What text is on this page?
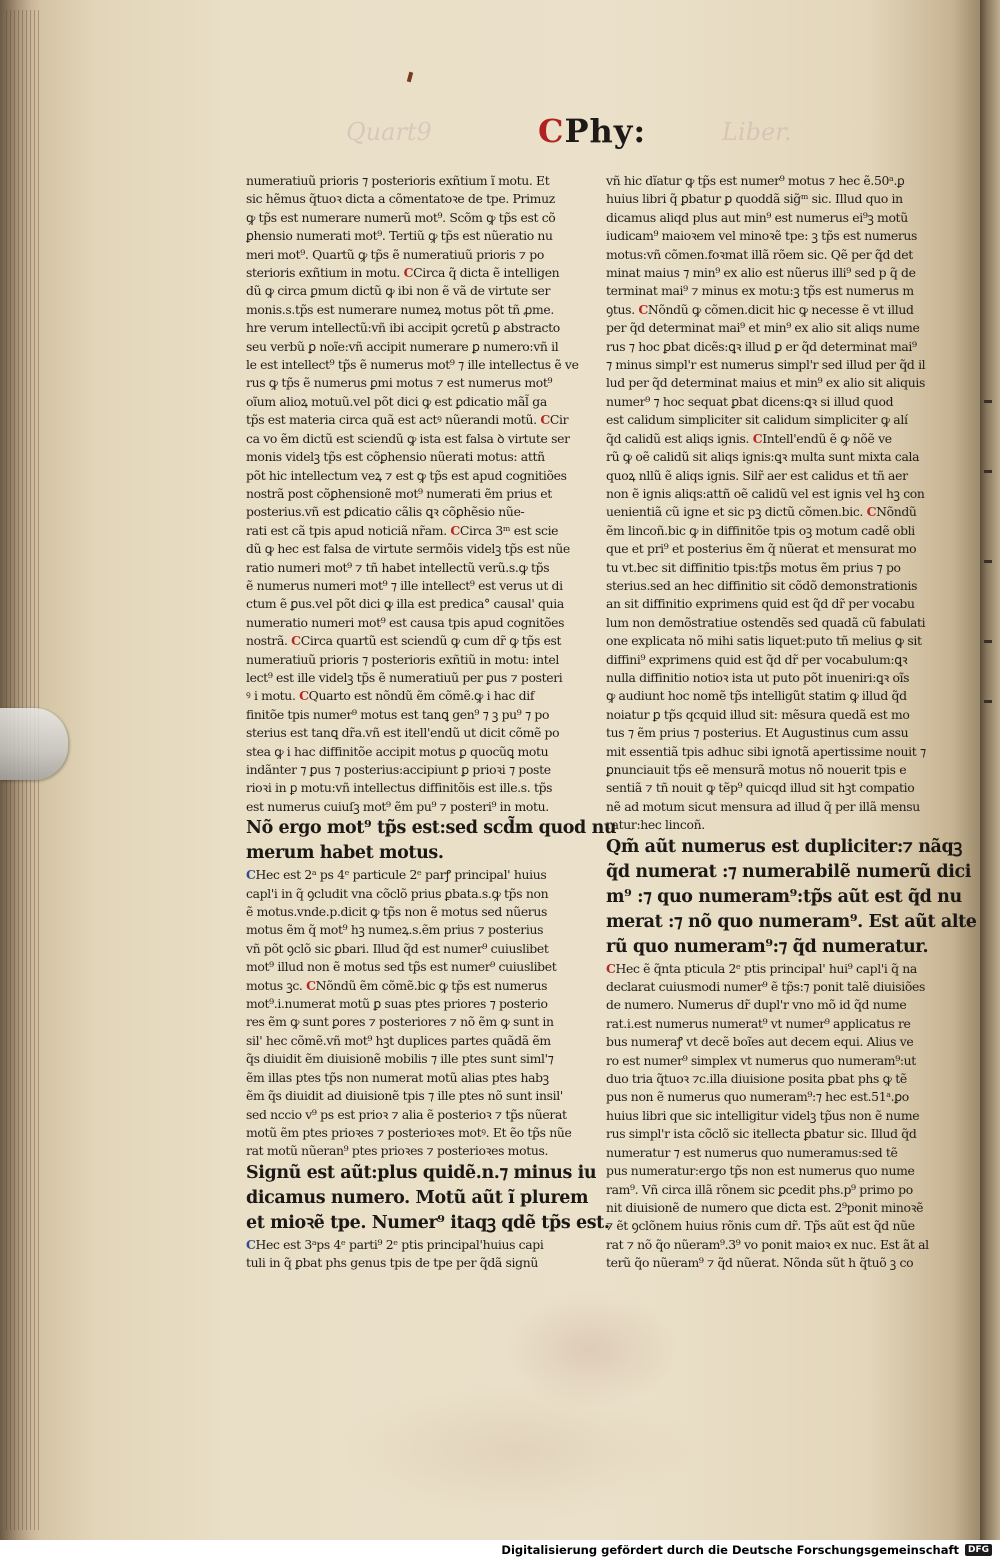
Quart9	Liber.
CPhy:
numeratiuũ prioris ⁊ posterioris exñtium ĩ motu. Et
sic hẽmus q̃tuoꝛ dicta a cõmentatoꝛe de tpe. Primuz
ꝙ tp̃s est numerare numerũ mot⁹. Scõm ꝙ tp̃s est cõ
ꝑhensio numerati mot⁹. Tertiũ ꝙ tp̃s est nũeratio nu
meri mot⁹. Quartũ ꝙ tp̃s ẽ numeratiuũ prioris ⁊ po
sterioris exñtium in motu. CCirca q̃ dicta ẽ intelligen
dũ ꝙ circa ꝑmum dictũ ꝙ ibi non ẽ vã de virtute ser
monis.s.tp̃s est numerare numeꝝ motus põt tñ ꝓme.
hre verum intellectũ:vñ ibi accipit ꝯcretũ ꝑ abstracto
seu verbũ ꝑ noĩe:vñ accipit numerare ꝑ numero:vñ il
le est intellect⁹ tp̃s ẽ numerus mot⁹ ⁊ ille intellectus ẽ ve
rus ꝙ tp̃s ẽ numerus ꝑmi motus ⁊ est numerus mot⁹
oĩum alioꝝ motuũ.vel põt dici ꝙ est ꝑdicatio mãl̃ ga
tp̃s est materia circa quã est actꝰ nũerandi motũ. CCir
ca vo ẽm dictũ est sciendũ ꝙ ista est falsa ꝺ virtute ser
monis videlꝫ tp̃s est cõꝑhensio nũerati motus: attñ
põt hic intellectum veꝝ ⁊ est ꝙ tp̃s est apud cognitiões
nostrã post cõꝑhensionẽ mot⁹ numerati ẽm prius et
posterius.vñ est ꝑdicatio cãlis ꝗꝛ cõꝑhẽsio nũe-
rati est cã tpis apud noticiã nr̃am. CCirca 3ᵐ est scie
dũ ꝙ hec est falsa de virtute sermõis videlꝫ tp̃s est nũe
ratio numeri mot⁹ ⁊ tñ habet intellectũ verũ.s.ꝙ tp̃s
ẽ numerus numeri mot⁹ ⁊ ille intellect⁹ est verus ut di
ctum ẽ ꝑus.vel põt dici ꝙ illa est predica° causal' quia
numeratio numeri mot⁹ est causa tpis apud cognitões
nostrã. CCirca quartũ est sciendũ ꝙ cum dr̃ ꝙ tp̃s est
numeratiuũ prioris ⁊ posterioris exñtiũ in motu: intel
lect⁹ est ille videlꝫ tp̃s ẽ numeratiuũ per ꝑus ⁊ posteri
ꝰ i motu. CQuarto est nõndũ ẽm cõmẽ.ꝙ i hac dif
finitõe tpis numer⁹ motus est tanꝗ gen⁹ ⁊ ꝫ pu⁹ ⁊ po
sterius est tanꝗ dr̃a.vñ est itell'endũ ut dicit cõmẽ po
stea ꝙ i hac diffinitõe accipit motus ꝑ quocũꝗ motu
indãnter ⁊ ꝑus ⁊ posterius:accipiunt ꝑ prioꝛi ⁊ poste
rioꝛi in ꝑ motu:vñ intellectus diffinitõis est ille.s. tp̃s
est numerus cuiuſꝫ mot⁹ ẽm pu⁹ ⁊ posteri⁹ in motu.
Nõ ergo mot⁹ tp̃s est:sed scd̃m quod nu
merum habet motus.
CHec est 2ᵃ ps 4ᵉ particule 2ᵉ parꝭ principal' huius
capl'i in q̃ ꝯcludit vna cõclõ prius ꝑbata.s.ꝙ tp̃s non
ẽ motus.vnde.p.dicit ꝙ tp̃s non ẽ motus sed nũerus
motus ẽm q̃ mot⁹ hꝫ numeꝝ.s.ẽm prius ⁊ posterius
vñ põt ꝯclõ sic ꝑbari. Illud q̃d est numer⁹ cuiuslibet
mot⁹ illud non ẽ motus sed tp̃s est numer⁹ cuiuslibet
motus ꝫc. CNõndũ ẽm cõmẽ.bic ꝙ tp̃s est numerus
mot⁹.i.numerat motũ ꝑ suas ptes priores ⁊ posterio
res ẽm ꝙ sunt ꝑores ⁊ posteriores ⁊ nõ ẽm ꝙ sunt in
sil' hec cõmẽ.vñ mot⁹ hꝫt duplices partes quãdã ẽm
q̃s diuidit ẽm diuisionẽ mobilis ⁊ ille ptes sunt siml'⁊
ẽm illas ptes tp̃s non numerat motũ alias ptes habꝫ
ẽm q̃s diuidit ad diuisionẽ tpis ⁊ ille ptes nõ sunt insil'
sed nccio v⁹ ps est prioꝛ ⁊ alia ẽ posterioꝛ ⁊ tp̃s nũerat
motũ ẽm ptes prioꝛes ⁊ posterioꝛes motꝰ. Et ẽo tp̃s nũe
rat motũ nũeran⁹ ptes prioꝛes ⁊ posterioꝛes motus.
Signũ est aũt:plus quidẽ.n.⁊ minus iu
dicamus numero. Motũ aũt ĩ plurem
et mioꝛẽ tpe. Numer⁹ itaqꝫ qdẽ tp̃s est.
CHec est 3ᵃps 4ᵉ parti⁹ 2ᵉ ptis principal'huius capi
tuli in q̃ ꝑbat phs genus tpis de tpe per q̃dã signũ
vñ hic dĩatur ꝙ tp̃s est numer⁹ motus ⁊ hec ẽ.50ᵃ.ꝑ
huius libri q̃ ꝑbatur ꝑ quoddã sig̃ᵐ sic. Illud quo in
dicamus aliqd plus aut min⁹ est numerus ei⁹ꝫ motũ
iudicam⁹ maioꝛem vel minoꝛẽ tpe: ꝫ tp̃s est numerus
motus:vñ cõmen.foꝛmat illã rõem sic. Qẽ per q̃d det
minat maius ⁊ min⁹ ex alio est nũerus illi⁹ sed p q̃ de
terminat mai⁹ ⁊ minus ex motu:ꝫ tp̃s est numerus m
ꝯtus. CNõndũ ꝙ cõmen.dicit hic ꝙ necesse ẽ vt illud
per q̃d determinat mai⁹ et min⁹ ex alio sit aliqs nume
rus ⁊ hoc ꝑbat dicẽs:ꝗꝛ illud ꝑ er q̃d determinat mai⁹
⁊ minus simpl'r est numerus simpl'r sed illud per q̃d il
lud per q̃d determinat maius et min⁹ ex alio sit aliquis
numer⁹ ⁊ hoc sequat ꝑbat dicens:ꝗꝛ si illud quod
est calidum simpliciter sit calidum simpliciter ꝙ alí
q̃d calidũ est aliqs ignis. CIntell'endũ ẽ ꝙ nõẽ ve
rũ ꝙ oẽ calidũ sit aliqs ignis:ꝗꝛ multa sunt mixta cala
quoꝝ nllũ ẽ aliqs ignis. Silr̃ aer est calidus et tñ aer
non ẽ ignis aliqs:attñ oẽ calidũ vel est ignis vel hꝫ con
uenientiã cũ igne et sic pꝫ dictũ cõmen.bic. CNõndũ
ẽm lincoñ.bic ꝙ in diffinitõe tpis oꝫ motum cadẽ obli
que et pri⁹ et posterius ẽm q̃ nũerat et mensurat mo
tu vt.bec sit diffinitio tpis:tp̃s motus ẽm prius ⁊ po
sterius.sed an hec diffinitio sit cõdõ demonstrationis
an sit diffinitio exprimens quid est q̃d dr̃ per vocabu
lum non demõstratiue ostendẽs sed quadã cũ fabulati
one explicata nõ mihi satis liquet:puto tñ melius ꝙ sit
diffini⁹ exprimens quid est q̃d dr̃ per vocabulum:ꝗꝛ
nulla diffinitio notioꝛ ista ut puto põt inueniri:ꝗꝛ oĩs
ꝙ audiunt hoc nomẽ tp̃s intelligũt statim ꝙ illud q̃d
noiatur ꝑ tp̃s qcquid illud sit: mẽsura quedã est mo
tus ⁊ ẽm prius ⁊ posterius. Et Augustinus cum assu
mit essentiã tpis adhuc sibi ignotã apertissime nouit ⁊
ꝑnunciauit tp̃s eẽ mensurã motus nõ nouerit tpis e
sentiã ⁊ tñ nouit ꝙ tẽp⁹ quicqd illud sit hꝫt compatio
nẽ ad motum sicut mensura ad illud q̃ per illã mensu
ratur:hec lincoñ.
Qm̃ aũt numerus est dupliciter:⁊ nãqꝫ
q̃d numerat :⁊ numerabilẽ numerũ dici
m⁹ :⁊ quo numeram⁹:tp̃s aũt est q̃d nu
merat :⁊ nõ quo numeram⁹. Est aũt alte
rũ quo numeram⁹:⁊ q̃d numeratur.
CHec ẽ q̃nta pticula 2ᵉ ptis principal' hui⁹ capl'i q̃ na
declarat cuiusmodi numer⁹ ẽ tp̃s:⁊ ponit talẽ diuisiões
de numero. Numerus dr̃ dupl'r vno mõ id q̃d nume
rat.i.est numerus numerat⁹ vt numer⁹ applicatus re
bus numeraꝭ vt decẽ boĩes aut decem equi. Alius ve
ro est numer⁹ simplex vt numerus quo numeram⁹:ut
duo tria q̃tuoꝛ ⁊c.illa diuisione posita ꝑbat phs ꝙ tẽ
pus non ẽ numerus quo numeram⁹:⁊ hec est.51ᵃ.ꝑo
huius libri que sic intelligitur videlꝫ tp̃us non ẽ nume
rus simpl'r ista cõclõ sic itellecta ꝑbatur sic. Illud q̃d
numeratur ⁊ est numerus quo numeramus:sed tẽ
pus numeratur:ergo tp̃s non est numerus quo nume
ram⁹. Vñ circa illã rõnem sic ꝑcedit phs.p⁹ primo po
nit diuisionẽ de numero que dicta est. 2⁹ponit minoꝛẽ
⁊ ẽt ꝯclõnem huius rõnis cum dr̃. Tp̃s aũt est q̃d nũe
rat ⁊ nõ q̃o nũeram⁹.3⁹ vo ponit maioꝛ ex nuc. Est ãt al
terũ q̃o nũeram⁹ ⁊ q̃d nũerat. Nõnda sũt h q̃tuõ ꝫ co
Digitalisierung gefördert durch die Deutsche Forschungsgemeinschaft	DFG
